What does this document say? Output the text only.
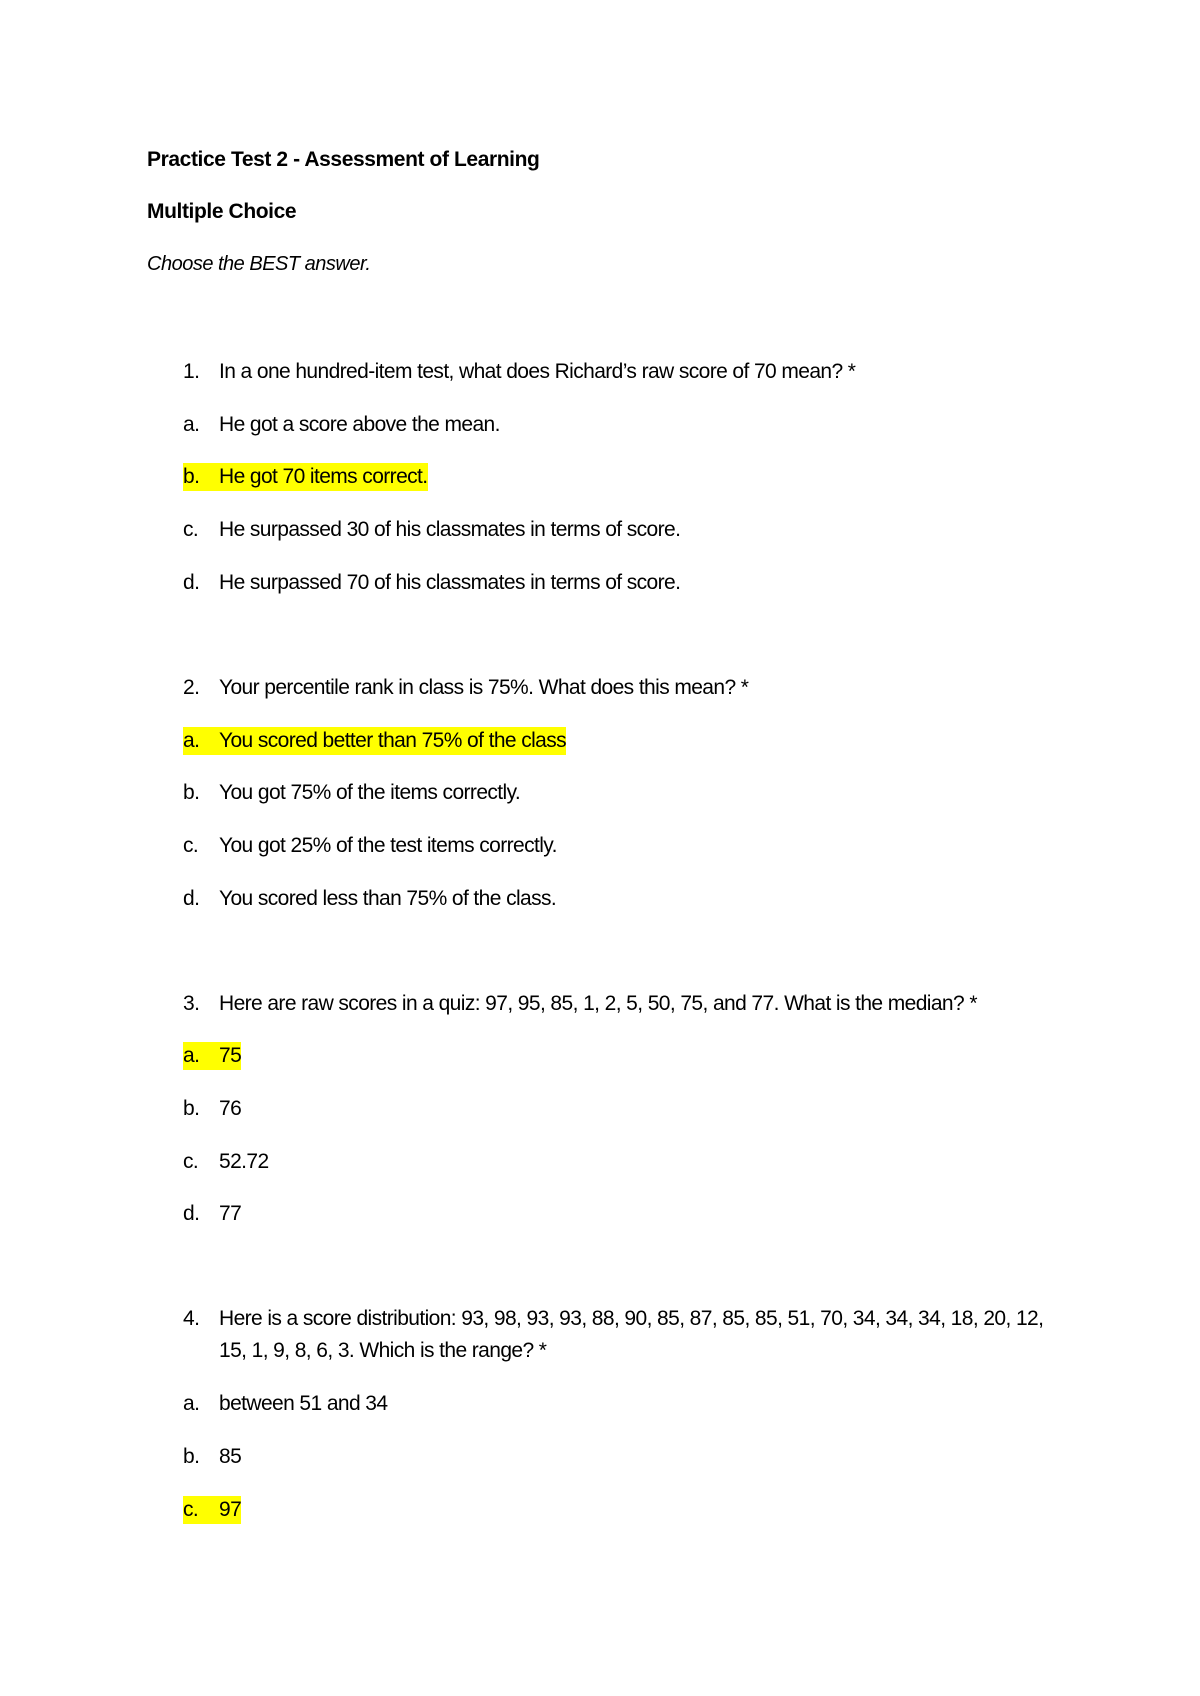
Practice Test 2 - Assessment of Learning
Multiple Choice
Choose the BEST answer.
1. In a one hundred-item test, what does Richard’s raw score of 70 mean? *
a. He got a score above the mean.
b. He got 70 items correct.
c. He surpassed 30 of his classmates in terms of score.
d. He surpassed 70 of his classmates in terms of score.
2. Your percentile rank in class is 75%. What does this mean? *
a. You scored better than 75% of the class
b. You got 75% of the items correctly.
c. You got 25% of the test items correctly.
d. You scored less than 75% of the class.
3. Here are raw scores in a quiz: 97, 95, 85, 1, 2, 5, 50, 75, and 77. What is the median? *
a. 75
b. 76
c. 52.72
d. 77
4. Here is a score distribution: 93, 98, 93, 93, 88, 90, 85, 87, 85, 85, 51, 70, 34, 34, 34, 18, 20, 12,
15, 1, 9, 8, 6, 3. Which is the range? *
a. between 51 and 34
b. 85
c. 97
